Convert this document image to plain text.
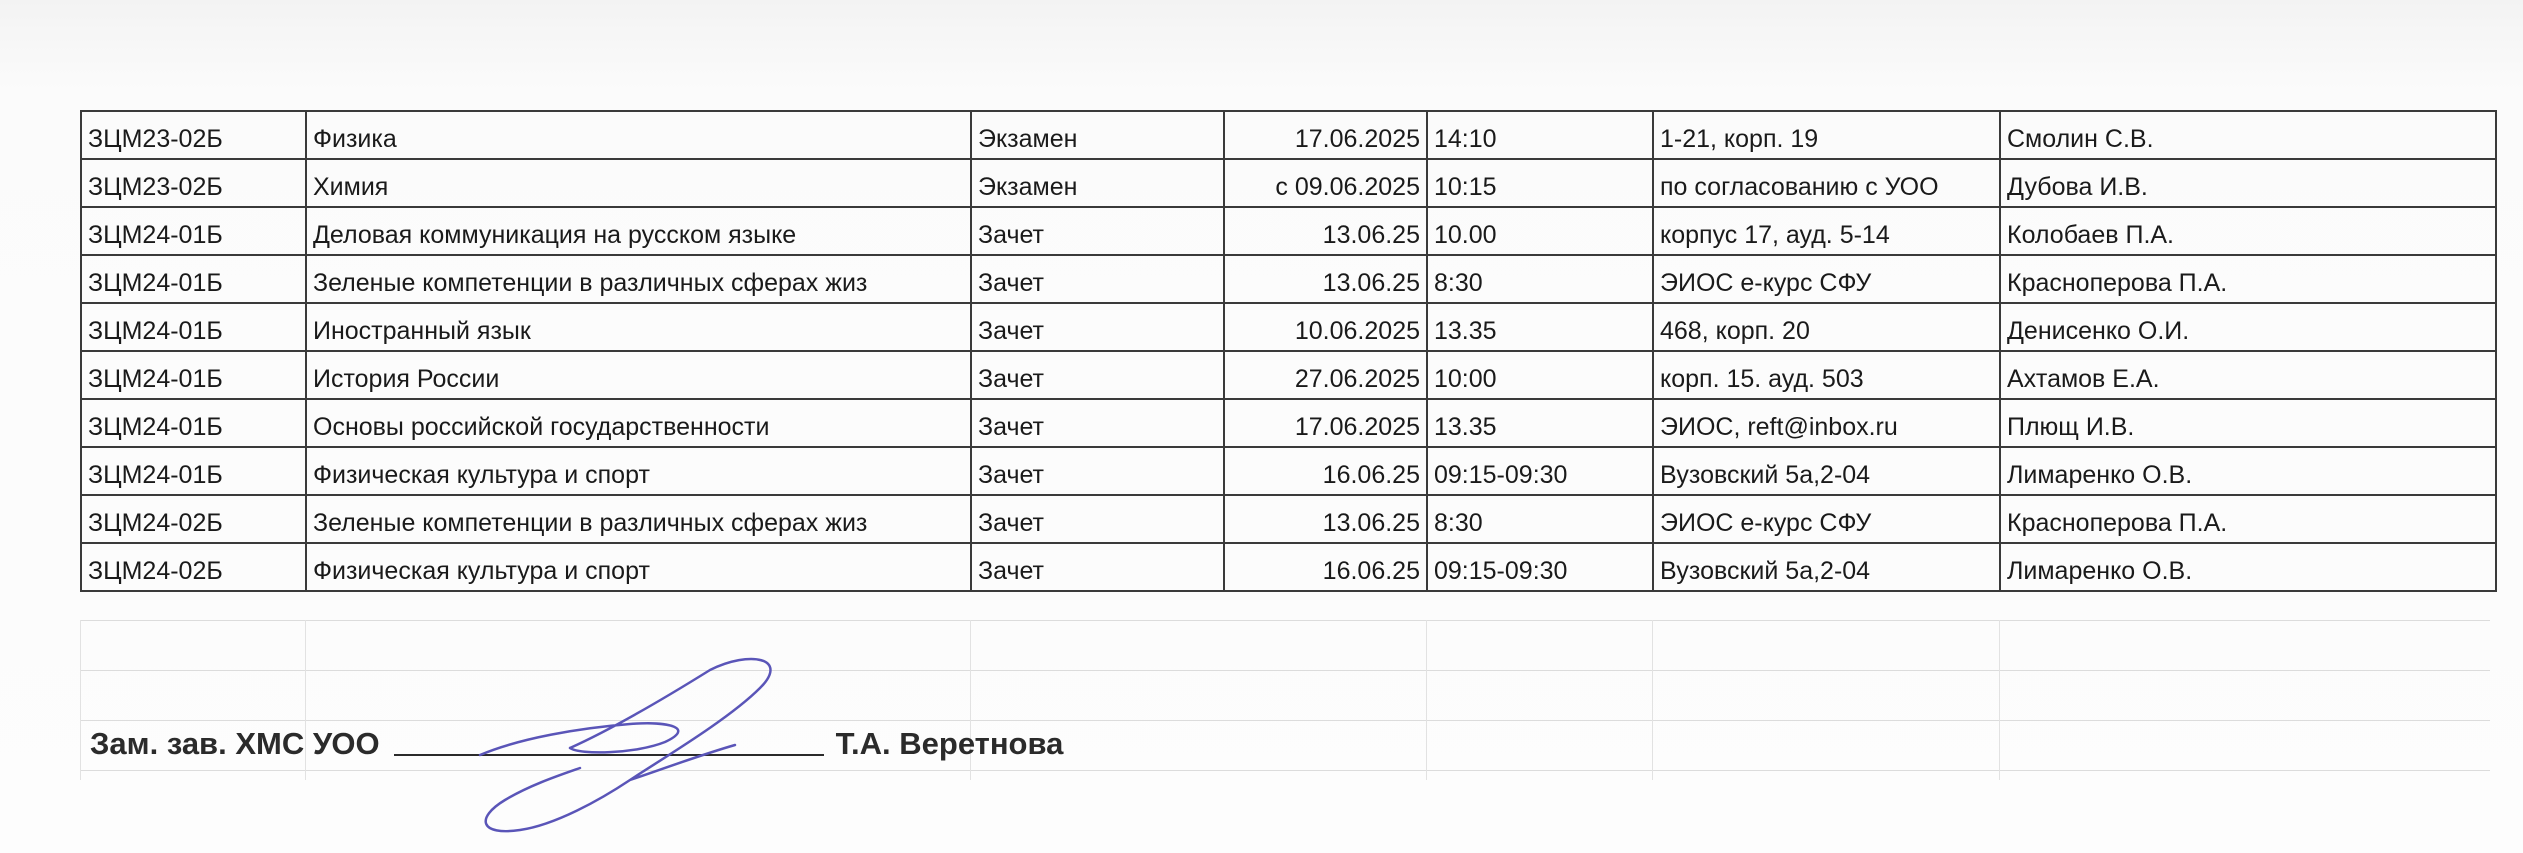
ЗЦМ23-02Б	Физика	Экзамен	17.06.2025	14:10	1-21, корп. 19	Смолин С.В.
ЗЦМ23-02Б	Химия	Экзамен	с 09.06.2025	10:15	по согласованию с УОО	Дубова И.В.
ЗЦМ24-01Б	Деловая коммуникация на русском языке	Зачет	13.06.25	10.00	корпус 17, ауд. 5-14	Колобаев П.А.
ЗЦМ24-01Б	Зеленые компетенции в различных сферах жиз	Зачет	13.06.25	8:30	ЭИОС е-курс СФУ	Красноперова П.А.
ЗЦМ24-01Б	Иностранный язык	Зачет	10.06.2025	13.35	468, корп. 20	Денисенко О.И.
ЗЦМ24-01Б	История России	Зачет	27.06.2025	10:00	корп. 15. ауд. 503	Ахтамов Е.А.
ЗЦМ24-01Б	Основы российской государственности	Зачет	17.06.2025	13.35	ЭИОС, reft@inbox.ru	Плющ И.В.
ЗЦМ24-01Б	Физическая культура и спорт	Зачет	16.06.25	09:15-09:30	Вузовский 5а,2-04	Лимаренко О.В.
ЗЦМ24-02Б	Зеленые компетенции в различных сферах жиз	Зачет	13.06.25	8:30	ЭИОС е-курс СФУ	Красноперова П.А.
ЗЦМ24-02Б	Физическая культура и спорт	Зачет	16.06.25	09:15-09:30	Вузовский 5а,2-04	Лимаренко О.В.
Зам. зав. ХМС УОО	Т.А. Веретнова
